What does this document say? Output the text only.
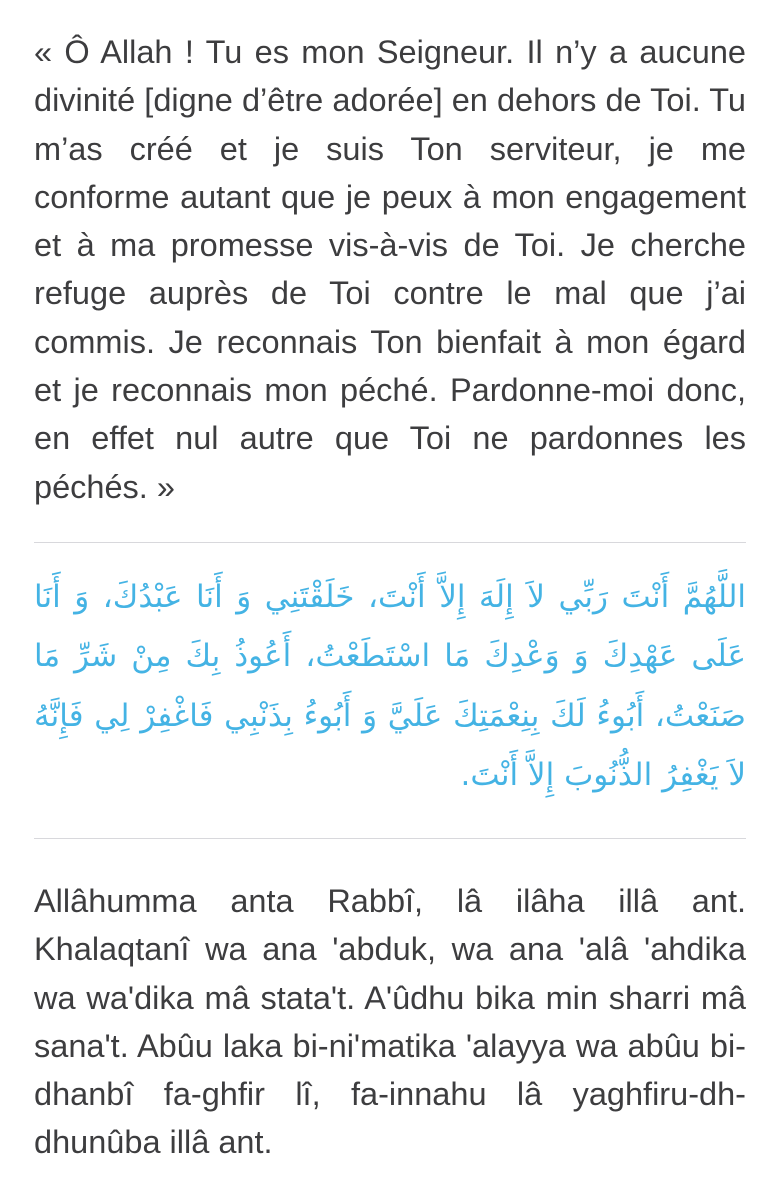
« Ô Allah ! Tu es mon Seigneur. Il n’y a aucune divinité [digne d’être adorée] en dehors de Toi. Tu m’as créé et je suis Ton serviteur, je me conforme autant que je peux à mon engagement et à ma promesse vis-à-vis de Toi. Je cherche refuge auprès de Toi contre le mal que j’ai commis. Je reconnais Ton bienfait à mon égard et je reconnais mon péché. Pardonne-moi donc, en effet nul autre que Toi ne pardonnes les péchés. »

اللَّهُمَّ أَنْتَ رَبِّي لاَ إِلَهَ إِلاَّ أَنْتَ، خَلَقْتَنِي وَ أَنَا عَبْدُكَ، وَ أَنَا عَلَى عَهْدِكَ وَ وَعْدِكَ مَا اسْتَطَعْتُ، أَعُوذُ بِكَ مِنْ شَرِّ مَا صَنَعْتُ، أَبُوءُ لَكَ بِنِعْمَتِكَ عَلَيَّ وَ أَبُوءُ بِذَنْبِي فَاغْفِرْ لِي فَإِنَّهُ لاَ يَغْفِرُ الذُّنُوبَ إِلاَّ أَنْتَ.

Allâhumma anta Rabbî, lâ ilâha illâ ant. Khalaqtanî wa ana 'abduk, wa ana 'alâ 'ahdika wa wa'dika mâ stata't. A'ûdhu bika min sharri mâ sana't. Abûu laka bi-ni'matika 'alayya wa abûu bi-dhanbî fa-ghfir lî, fa-innahu lâ yaghfiru-dh-dhunûba illâ ant.
